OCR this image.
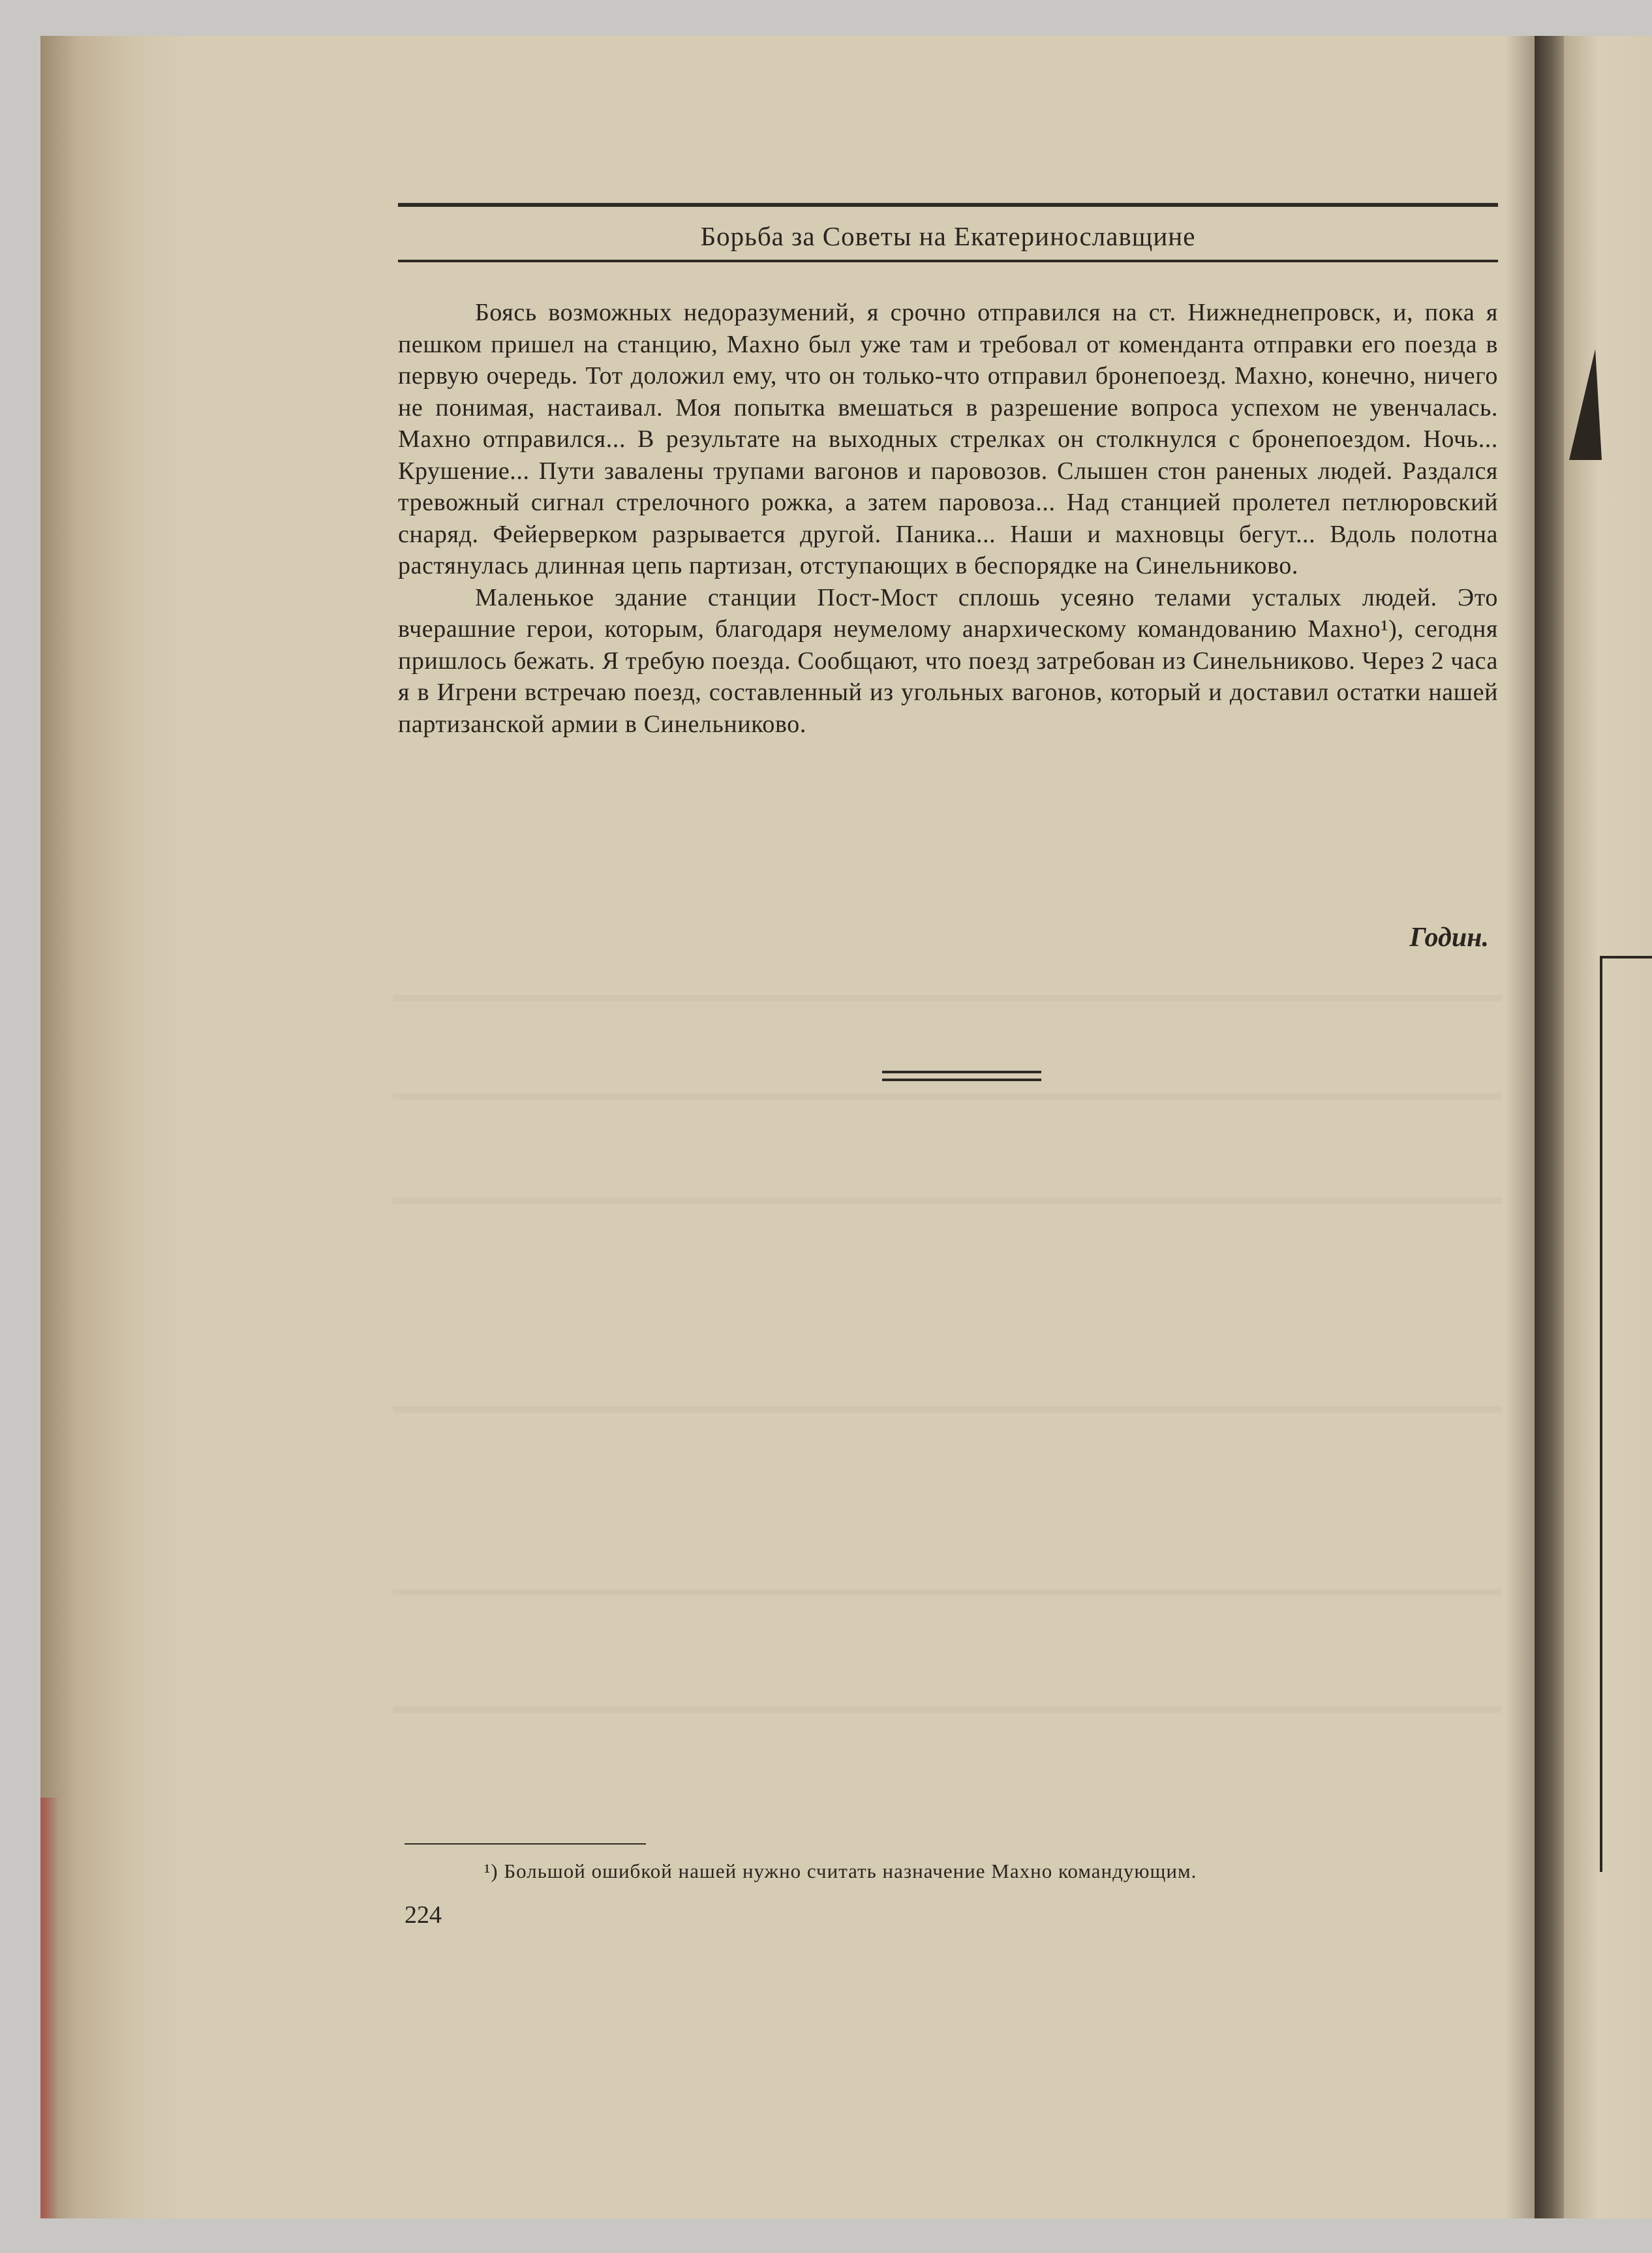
Борьба за Советы на Екатеринославщине

Боясь возможных недоразумений, я срочно отправился на ст. Нижнеднепровск, и, пока я пешком пришел на станцию, Махно был уже там и требовал от коменданта отправки его поезда в первую очередь. Тот доложил ему, что он только-что отправил бронепоезд. Махно, конечно, ничего не понимая, настаивал. Моя попытка вмешаться в разрешение вопроса успехом не увенчалась. Махно отправился... В результате на выходных стрелках он столкнулся с бронепоездом. Ночь... Крушение... Пути завалены трупами вагонов и паровозов. Слышен стон раненых людей. Раздался тревожный сигнал стрелочного рожка, а затем паровоза... Над станцией пролетел петлюровский снаряд. Фейерверком разрывается другой. Паника... Наши и махновцы бегут... Вдоль полотна растянулась длинная цепь партизан, отступающих в беспорядке на Синельниково.

Маленькое здание станции Пост-Мост сплошь усеяно телами усталых людей. Это вчерашние герои, которым, благодаря неумелому анархическому командованию Махно¹), сегодня пришлось бежать. Я требую поезда. Сообщают, что поезд затребован из Синельниково. Через 2 часа я в Игрени встречаю поезд, составленный из угольных вагонов, который и доставил остатки нашей партизанской армии в Синельниково.

Годин.
¹) Большой ошибкой нашей нужно считать назначение Махно командующим.
224
